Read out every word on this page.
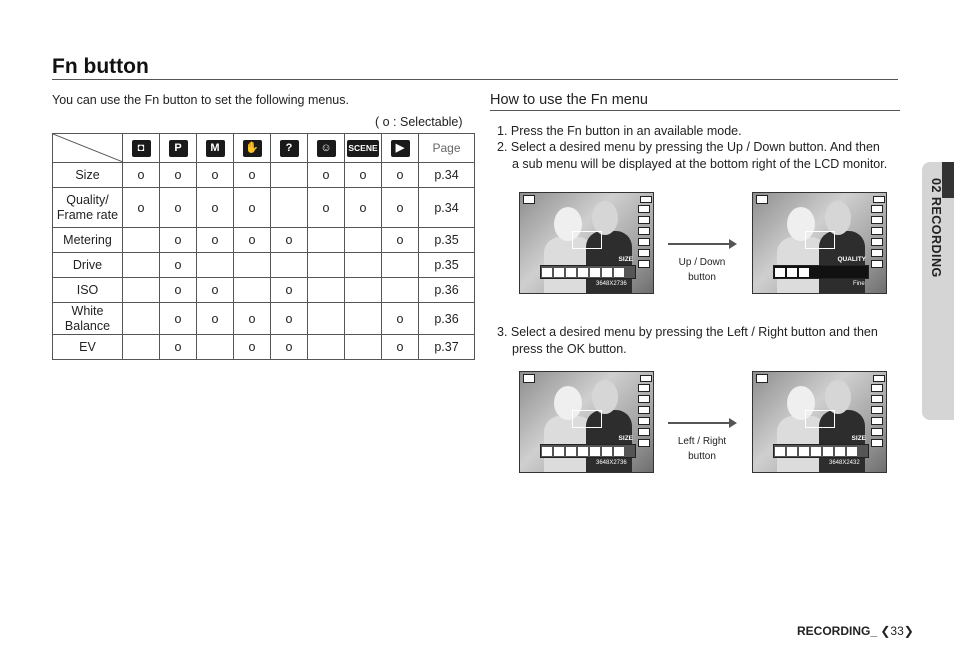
Fn button
You can use the Fn button to set the following menus.
( o : Selectable)
	◘	P	M	✋	?	☺	SCENE	▶	Page
Size	o	o	o	o		o	o	o	p.34
Quality/ Frame rate	o	o	o	o		o	o	o	p.34
Metering		o	o	o	o			o	p.35
Drive		o							p.35
ISO		o	o		o				p.36
White Balance		o	o	o	o			o	p.36
EV		o		o	o			o	p.37
How to use the Fn menu
1. Press the Fn button in an available mode.
2. Select a desired menu by pressing the Up / Down button. And then
a sub menu will be displayed at the bottom right of the LCD monitor.
3. Select a desired menu by pressing the Left / Right button and then
press the OK button.
SIZE
3648X2736
Up / Down
button
QUALITY
Fine
SIZE
3648X2736
Left / Right
button
SIZE
3648X2432
02 RECORDING
RECORDING_ ❮33❯
